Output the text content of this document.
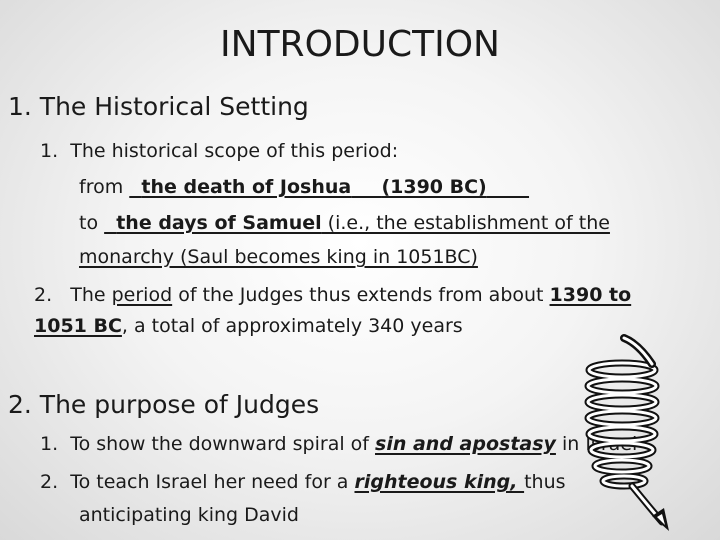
INTRODUCTION
1. The Historical Setting
1.  The historical scope of this period:
from   the death of Joshua (1390 BC)
to   the days of Samuel (i.e., the establishment of the
monarchy (Saul becomes king in 1051BC)
2.   The period of the Judges thus extends from about 1390 to
1051 BC, a total of approximately 340 years
2. The purpose of Judges
1.  To show the downward spiral of sin and apostasy in Israel
2.  To teach Israel her need for a righteous king, thus
anticipating king David
